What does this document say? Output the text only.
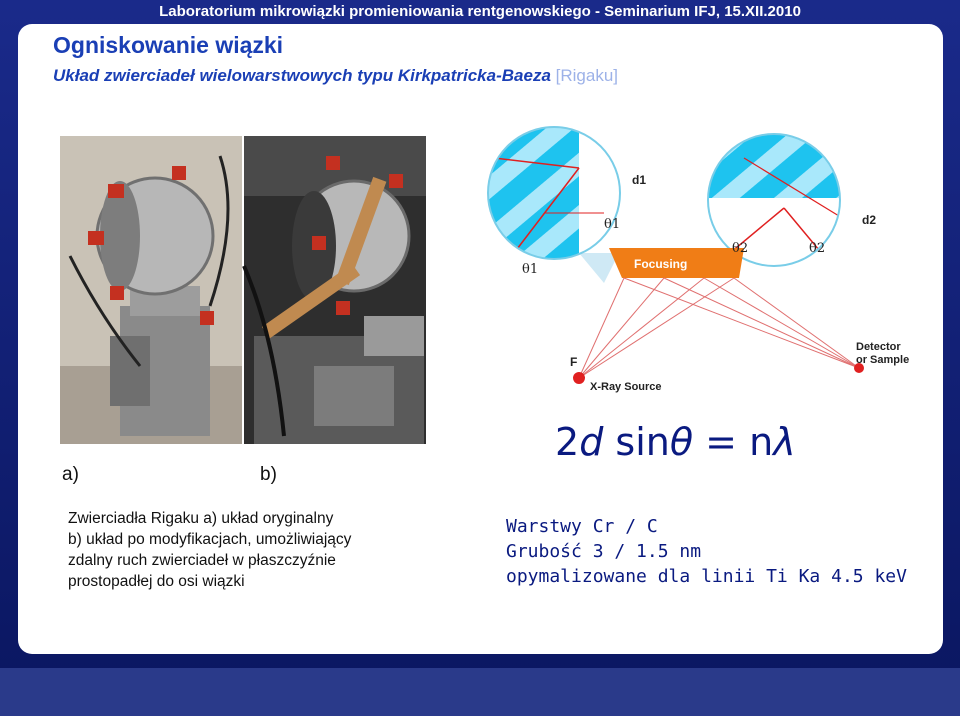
Laboratorium mikrowiązki promieniowania rentgenowskiego - Seminarium IFJ, 15.XII.2010
Ogniskowanie wiązki
Układ zwierciadeł wielowarstwowych typu Kirkpatricka-Baeza [Rigaku]
a)	b)
Zwierciadła Rigaku a) układ oryginalny
b) układ po modyfikacjach, umożliwiający
zdalny ruch zwierciadeł w płaszczyźnie
prostopadłej do osi wiązki
d1
d2
θ1
θ1
θ2	θ2
Focusing
F
X-Ray Source
Detector
or Sample
2d sinθ = nλ
Warstwy Cr / C
Grubość 3 / 1.5 nm
opymalizowane dla linii Ti Ka 4.5 keV
